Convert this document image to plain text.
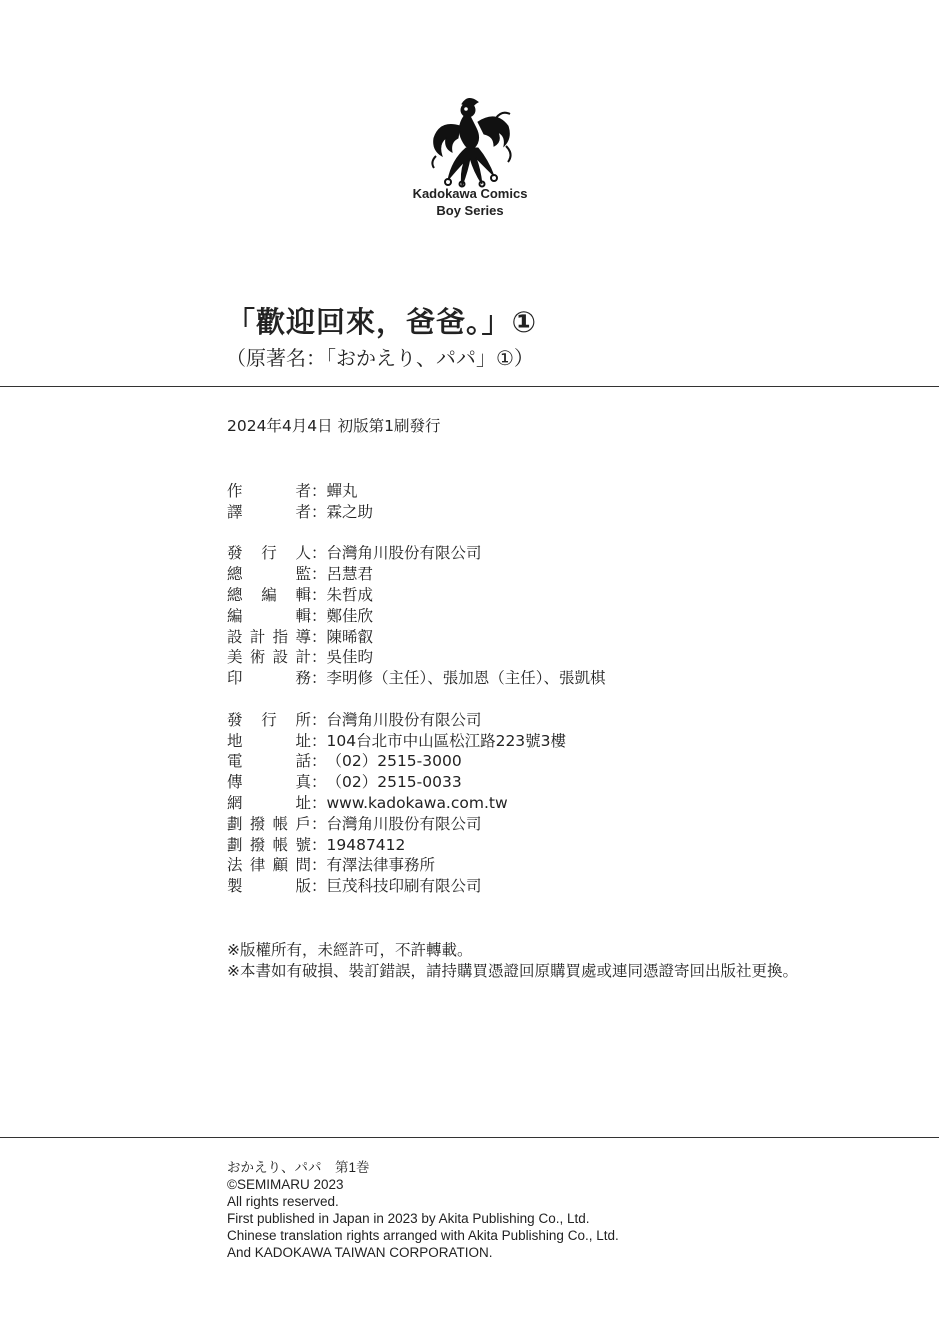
Kadokawa Comics
Boy Series
「歡迎回來，爸爸。」①
（原著名：「おかえり、パパ」①）
2024年4月4日 初版第1刷發行
作者 ： 蟬丸
譯者 ： 霖之助
發行人 ： 台灣角川股份有限公司
總監 ： 呂慧君
總編輯 ： 朱哲成
編輯 ： 鄭佳欣
設計指導 ： 陳晞叡
美術設計 ： 吳佳昀
印務 ： 李明修（主任）、張加恩（主任）、張凱棋
發行所 ： 台灣角川股份有限公司
地址 ： 104台北市中山區松江路223號3樓
電話 ： （02）2515-3000
傳真 ： （02）2515-0033
網址 ： www.kadokawa.com.tw
劃撥帳戶 ： 台灣角川股份有限公司
劃撥帳號 ： 19487412
法律顧問 ： 有澤法律事務所
製版 ： 巨茂科技印刷有限公司
※版權所有，未經許可，不許轉載。
※本書如有破損、裝訂錯誤，請持購買憑證回原購買處或連同憑證寄回出版社更換。
おかえり、パパ　第1巻
©SEMIMARU 2023
All rights reserved.
First published in Japan in 2023 by Akita Publishing Co., Ltd.
Chinese translation rights arranged with Akita Publishing Co., Ltd.
And KADOKAWA TAIWAN CORPORATION.
